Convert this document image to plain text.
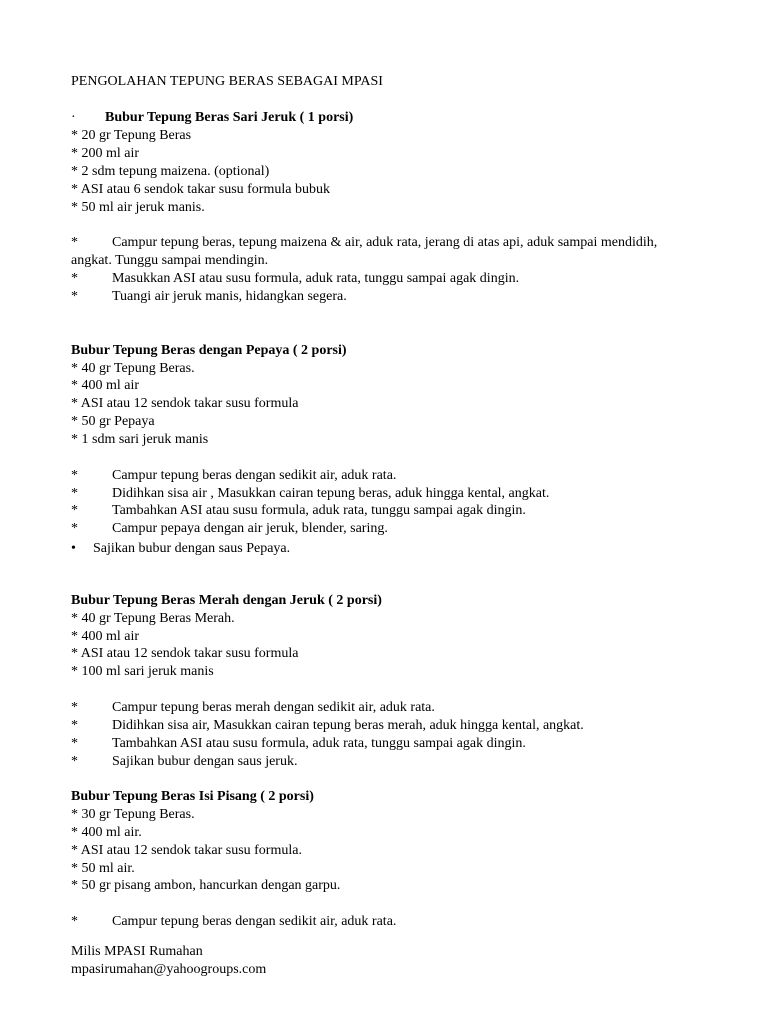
PENGOLAHAN TEPUNG BERAS SEBAGAI MPASI
· Bubur Tepung Beras Sari Jeruk ( 1 porsi)
* 20 gr Tepung Beras
* 200 ml air
* 2 sdm tepung maizena. (optional)
* ASI atau 6 sendok takar susu formula bubuk
* 50 ml air jeruk manis.
* Campur tepung beras, tepung maizena & air, aduk rata, jerang di atas api, aduk sampai mendidih, angkat. Tunggu sampai mendingin.
* Masukkan ASI atau susu formula, aduk rata, tunggu sampai agak dingin.
* Tuangi air jeruk manis, hidangkan segera.
Bubur Tepung Beras dengan Pepaya ( 2 porsi)
* 40 gr Tepung Beras.
* 400 ml air
* ASI atau 12 sendok takar susu formula
* 50 gr Pepaya
* 1 sdm sari jeruk manis
* Campur tepung beras dengan sedikit air, aduk rata.
* Didihkan sisa air , Masukkan cairan tepung beras, aduk hingga kental, angkat.
* Tambahkan ASI atau susu formula, aduk rata, tunggu sampai agak dingin.
* Campur pepaya dengan air jeruk, blender, saring.
• Sajikan bubur dengan saus Pepaya.
Bubur Tepung Beras Merah dengan Jeruk ( 2 porsi)
* 40 gr Tepung Beras Merah.
* 400 ml air
* ASI atau 12 sendok takar susu formula
* 100 ml sari jeruk manis
* Campur tepung beras merah dengan sedikit air, aduk rata.
* Didihkan sisa air, Masukkan cairan tepung beras merah, aduk hingga kental, angkat.
* Tambahkan ASI atau susu formula, aduk rata, tunggu sampai agak dingin.
* Sajikan bubur dengan saus jeruk.
Bubur Tepung Beras Isi Pisang ( 2 porsi)
* 30 gr Tepung Beras.
* 400 ml air.
* ASI atau 12 sendok takar susu formula.
* 50 ml air.
* 50 gr pisang ambon, hancurkan dengan garpu.
* Campur tepung beras dengan sedikit air, aduk rata.
Milis MPASI Rumahan
mpasirumahan@yahoogroups.com
